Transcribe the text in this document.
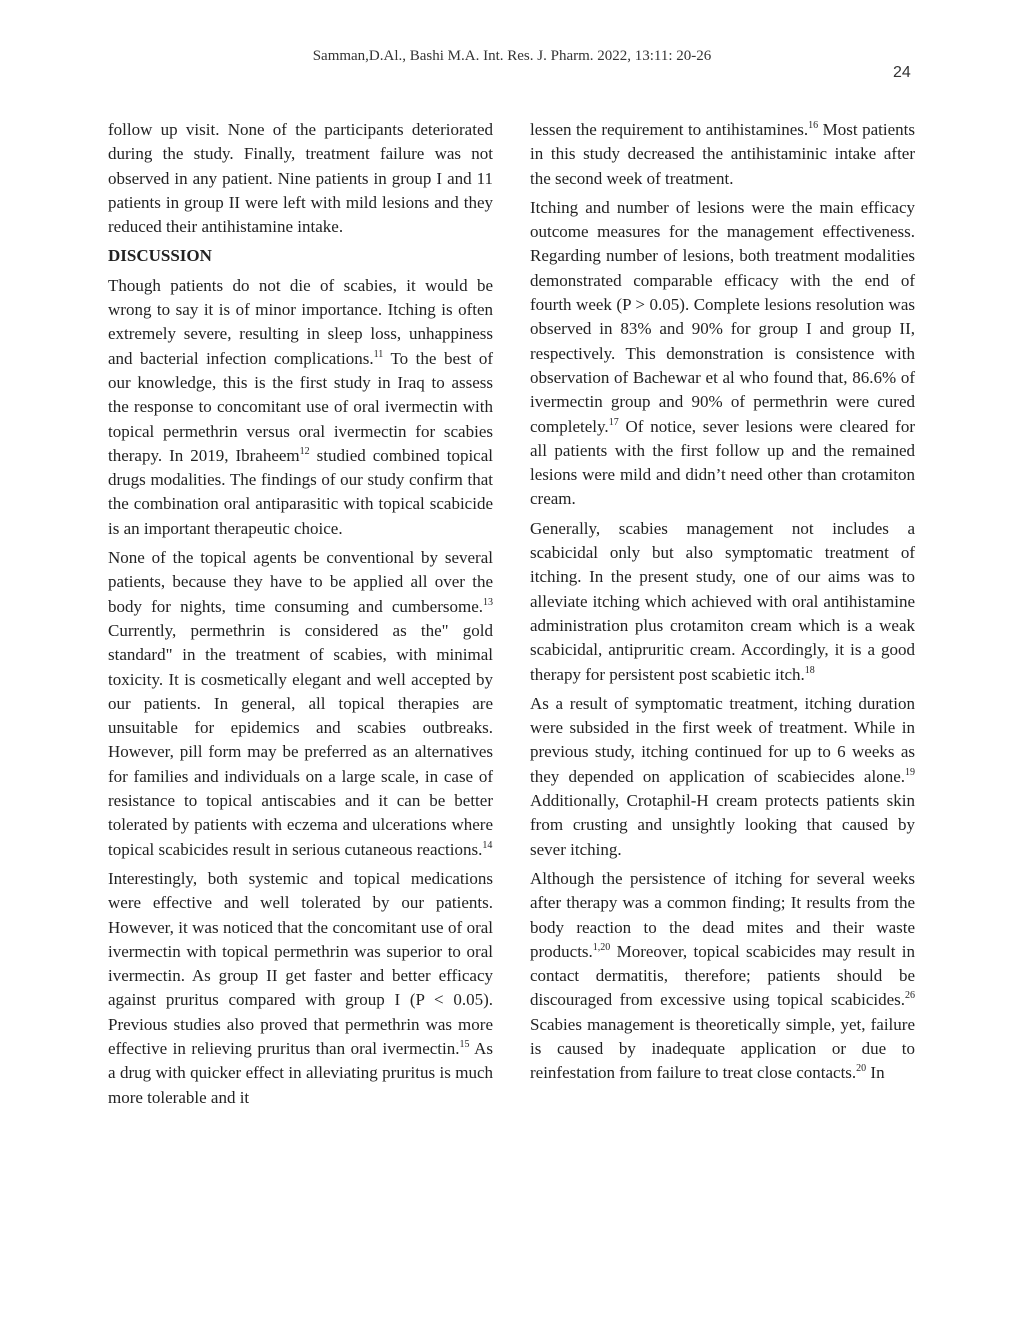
Samman,D.Al., Bashi M.A. Int. Res. J. Pharm. 2022, 13:11: 20-26
24

follow up visit. None of the participants deteriorated during the study. Finally, treatment failure was not observed in any patient. Nine patients in group I and 11 patients in group II were left with mild lesions and they reduced their antihistamine intake.

DISCUSSION

Though patients do not die of scabies, it would be wrong to say it is of minor importance. Itching is often extremely severe, resulting in sleep loss, unhappiness and bacterial infection complications.$^{11}$ To the best of our knowledge, this is the first study in Iraq to assess the response to concomitant use of oral ivermectin with topical permethrin versus oral ivermectin for scabies therapy. In 2019, Ibraheem$^{12}$ studied combined topical drugs modalities. The findings of our study confirm that the combination oral antiparasitic with topical scabicide is an important therapeutic choice.

None of the topical agents be conventional by several patients, because they have to be applied all over the body for nights, time consuming and cumbersome.$^{13}$ Currently, permethrin is considered as the" gold standard" in the treatment of scabies, with minimal toxicity. It is cosmetically elegant and well accepted by our patients. In general, all topical therapies are unsuitable for epidemics and scabies outbreaks. However, pill form may be preferred as an alternatives for families and individuals on a large scale, in case of resistance to topical antiscabies and it can be better tolerated by patients with eczema and ulcerations where topical scabicides result in serious cutaneous reactions.$^{14}$

Interestingly, both systemic and topical medications were effective and well tolerated by our patients. However, it was noticed that the concomitant use of oral ivermectin with topical permethrin was superior to oral ivermectin. As group II get faster and better efficacy against pruritus compared with group I (P < 0.05). Previous studies also proved that permethrin was more effective in relieving pruritus than oral ivermectin.$^{15}$ As a drug with quicker effect in alleviating pruritus is much more tolerable and it

lessen the requirement to antihistamines.$^{16}$ Most patients in this study decreased the antihistaminic intake after the second week of treatment.

Itching and number of lesions were the main efficacy outcome measures for the management effectiveness. Regarding number of lesions, both treatment modalities demonstrated comparable efficacy with the end of fourth week (P > 0.05). Complete lesions resolution was observed in 83% and 90% for group I and group II, respectively. This demonstration is consistence with observation of Bachewar et al who found that, 86.6% of ivermectin group and 90% of permethrin were cured completely.$^{17}$ Of notice, sever lesions were cleared for all patients with the first follow up and the remained lesions were mild and didn’t need other than crotamiton cream.

Generally, scabies management not includes a scabicidal only but also symptomatic treatment of itching. In the present study, one of our aims was to alleviate itching which achieved with oral antihistamine administration plus crotamiton cream which is a weak scabicidal, antipruritic cream. Accordingly, it is a good therapy for persistent post scabietic itch.$^{18}$

As a result of symptomatic treatment, itching duration were subsided in the first week of treatment. While in previous study, itching continued for up to 6 weeks as they depended on application of scabiecides alone.$^{19}$ Additionally, Crotaphil-H cream protects patients skin from crusting and unsightly looking that caused by sever itching.

Although the persistence of itching for several weeks after therapy was a common finding; It results from the body reaction to the dead mites and their waste products.$^{1,20}$ Moreover, topical scabicides may result in contact dermatitis, therefore; patients should be discouraged from excessive using topical scabicides.$^{26}$ Scabies management is theoretically simple, yet, failure is caused by inadequate application or due to reinfestation from failure to treat close contacts.$^{20}$ In
